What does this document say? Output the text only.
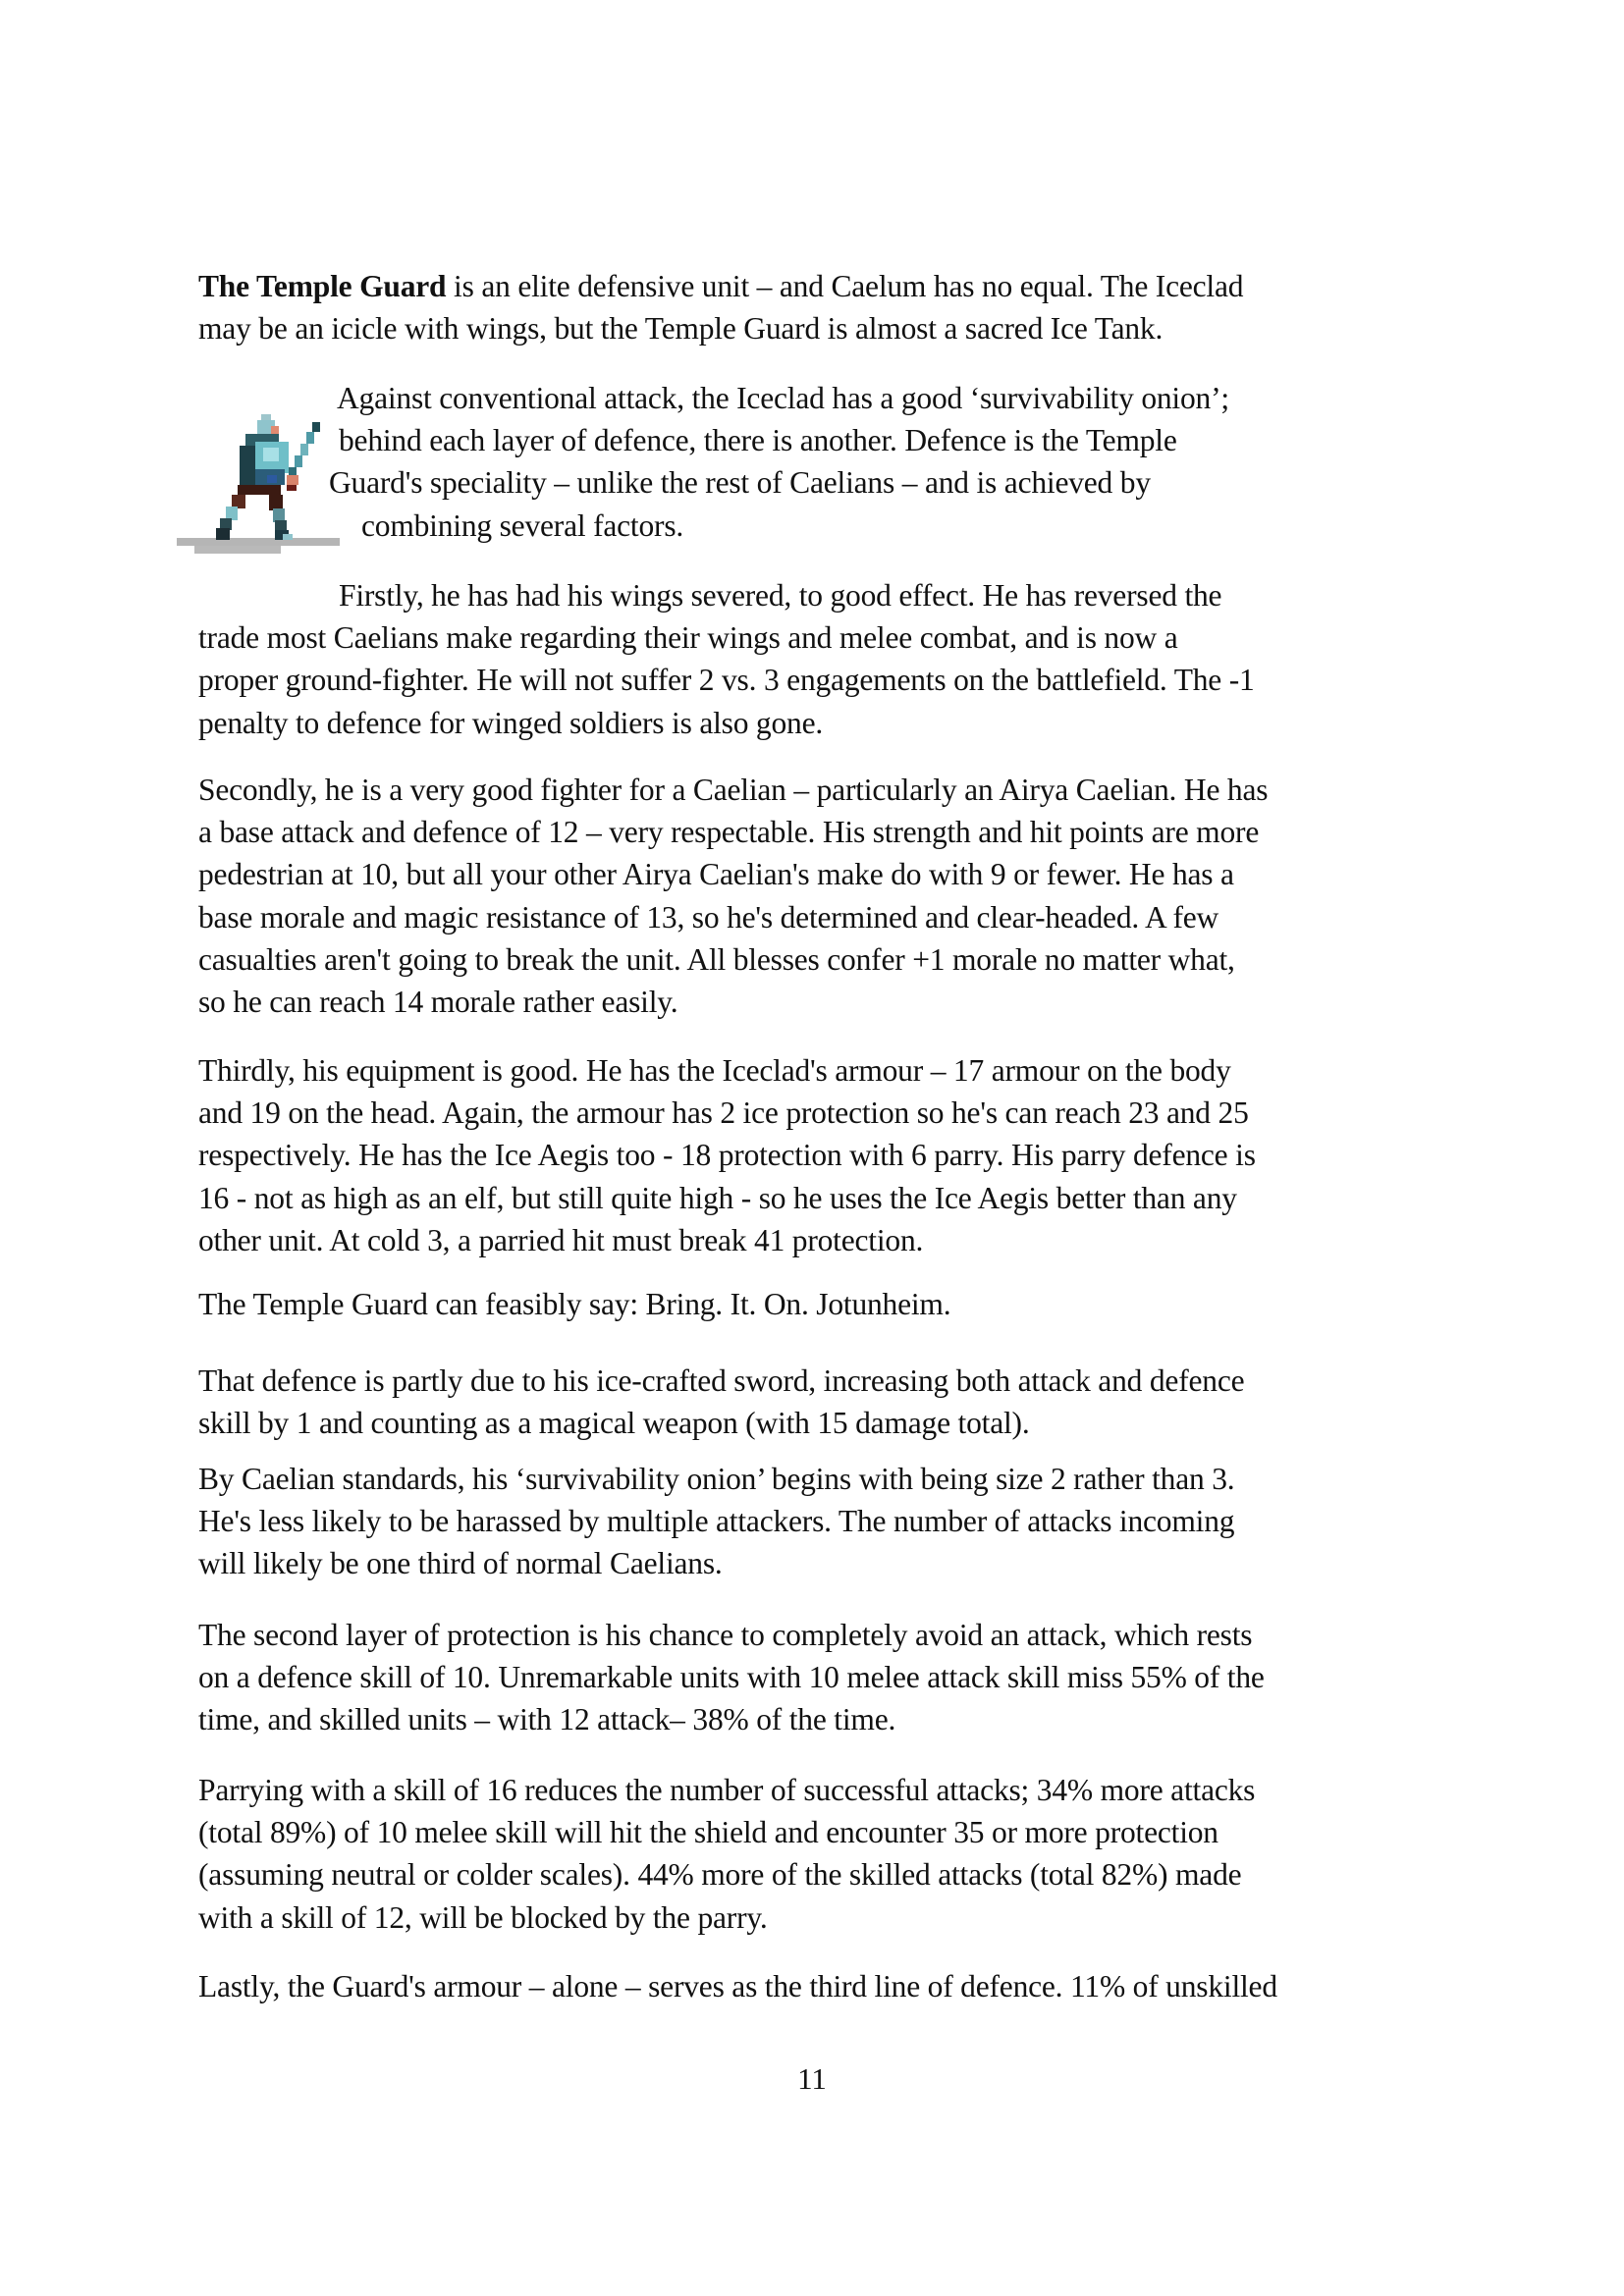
The Temple Guard is an elite defensive unit – and Caelum has no equal. The Iceclad
may be an icicle with wings, but the Temple Guard is almost a sacred Ice Tank.
Against conventional attack, the Iceclad has a good ‘survivability onion’;
behind each layer of defence, there is another. Defence is the Temple
Guard's speciality – unlike the rest of Caelians – and is achieved by
combining several factors.
Firstly, he has had his wings severed, to good effect. He has reversed the
trade most Caelians make regarding their wings and melee combat, and is now a
proper ground-fighter. He will not suffer 2 vs. 3 engagements on the battlefield. The -1
penalty to defence for winged soldiers is also gone.
Secondly, he is a very good fighter for a Caelian – particularly an Airya Caelian. He has
a base attack and defence of 12 – very respectable. His strength and hit points are more
pedestrian at 10, but all your other Airya Caelian's make do with 9 or fewer. He has a
base morale and magic resistance of 13, so he's determined and clear-headed. A few
casualties aren't going to break the unit. All blesses confer +1 morale no matter what,
so he can reach 14 morale rather easily.
Thirdly, his equipment is good. He has the Iceclad's armour – 17 armour on the body
and 19 on the head. Again, the armour has 2 ice protection so he's can reach 23 and 25
respectively. He has the Ice Aegis too - 18 protection with 6 parry. His parry defence is
16 - not as high as an elf, but still quite high - so he uses the Ice Aegis better than any
other unit. At cold 3, a parried hit must break 41 protection.
The Temple Guard can feasibly say: Bring. It. On. Jotunheim.
That defence is partly due to his ice-crafted sword, increasing both attack and defence
skill by 1 and counting as a magical weapon (with 15 damage total).
By Caelian standards, his ‘survivability onion’ begins with being size 2 rather than 3.
He's less likely to be harassed by multiple attackers. The number of attacks incoming
will likely be one third of normal Caelians.
The second layer of protection is his chance to completely avoid an attack, which rests
on a defence skill of 10. Unremarkable units with 10 melee attack skill miss 55% of the
time, and skilled units – with 12 attack– 38% of the time.
Parrying with a skill of 16 reduces the number of successful attacks; 34% more attacks
(total 89%) of 10 melee skill will hit the shield and encounter 35 or more protection
(assuming neutral or colder scales). 44% more of the skilled attacks (total 82%) made
with a skill of 12, will be blocked by the parry.
Lastly, the Guard's armour – alone – serves as the third line of defence. 11% of unskilled
11
